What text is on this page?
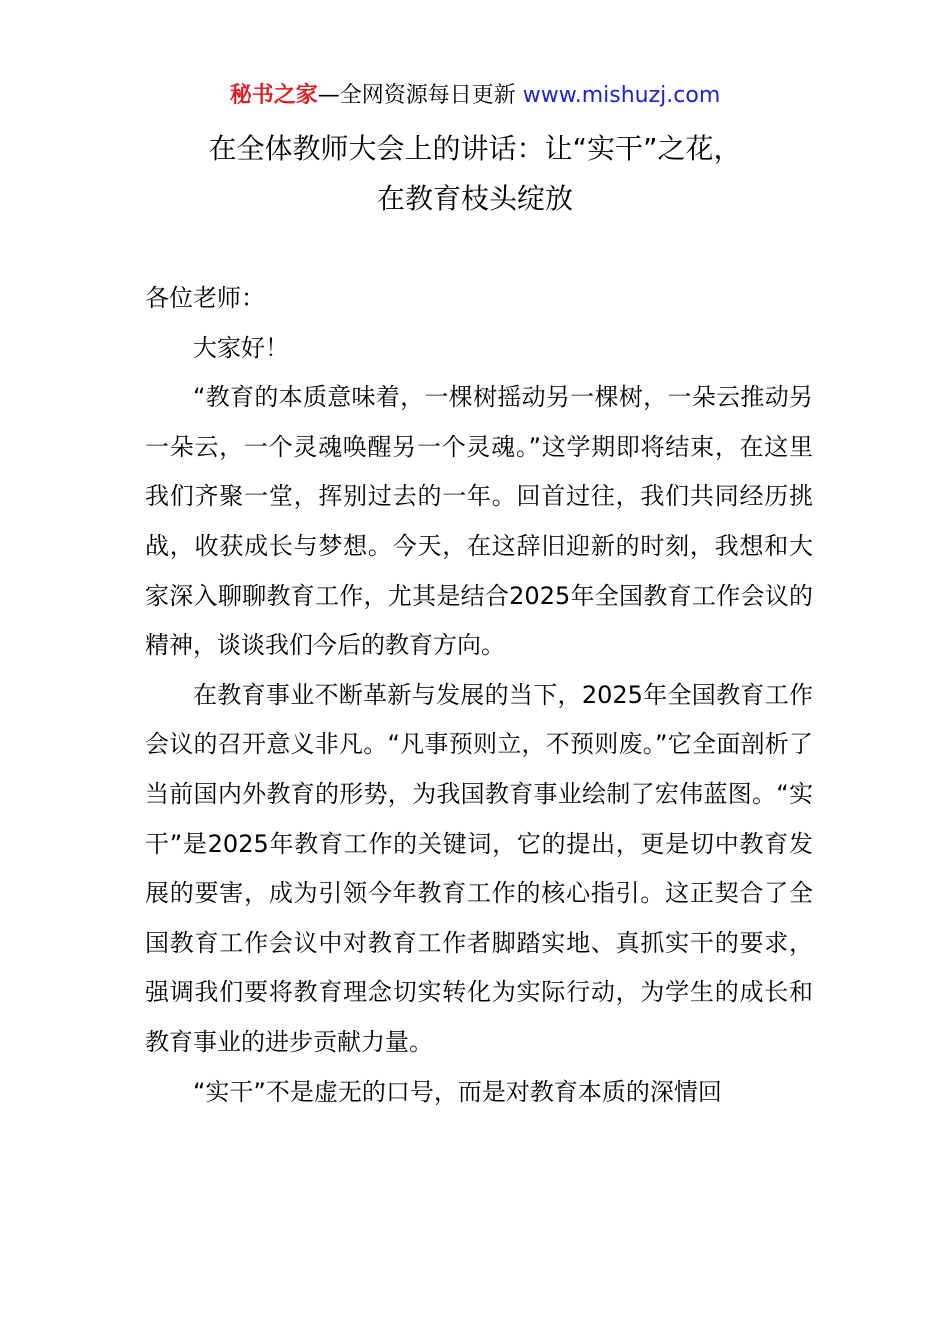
秘书之家—全网资源每日更新 www.mishuzj.com
在全体教师大会上的讲话：让“实干”之花，
在教育枝头绽放

各位老师：

大家好！

“教育的本质意味着，一棵树摇动另一棵树，一朵云推动另一朵云，一个灵魂唤醒另一个灵魂。”这学期即将结束，在这里我们齐聚一堂，挥别过去的一年。回首过往，我们共同经历挑战，收获成长与梦想。今天，在这辞旧迎新的时刻，我想和大家深入聊聊教育工作，尤其是结合2025年全国教育工作会议的精神，谈谈我们今后的教育方向。

在教育事业不断革新与发展的当下，2025年全国教育工作会议的召开意义非凡。“凡事预则立，不预则废。”它全面剖析了当前国内外教育的形势，为我国教育事业绘制了宏伟蓝图。“实干”是2025年教育工作的关键词，它的提出，更是切中教育发展的要害，成为引领今年教育工作的核心指引。这正契合了全国教育工作会议中对教育工作者脚踏实地、真抓实干的要求，强调我们要将教育理念切实转化为实际行动，为学生的成长和教育事业的进步贡献力量。

“实干”不是虚无的口号，而是对教育本质的深情回
